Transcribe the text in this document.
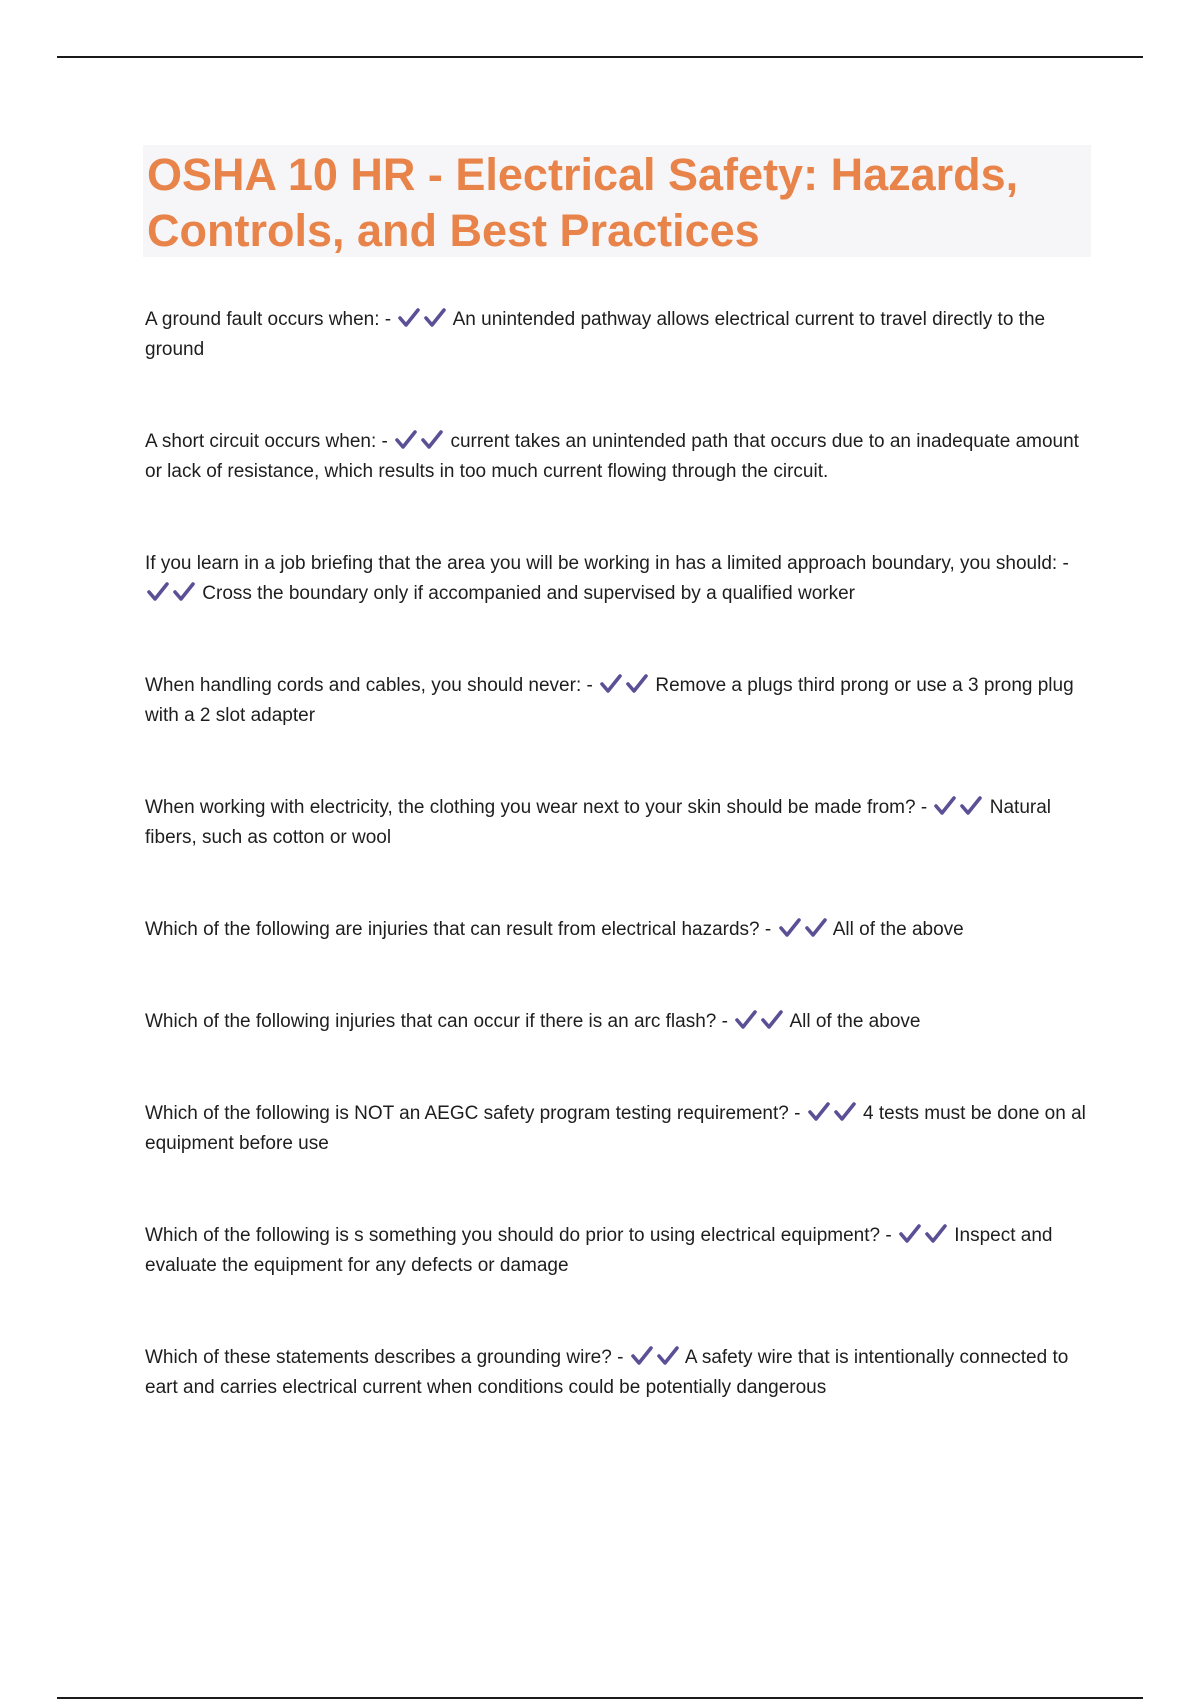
OSHA 10 HR - Electrical Safety: Hazards, Controls, and Best Practices
A ground fault occurs when: -	An unintended pathway allows electrical current to travel directly to the ground
A short circuit occurs when: -	current takes an unintended path that occurs due to an inadequate amount or lack of resistance, which results in too much current flowing through the circuit.
If you learn in a job briefing that the area you will be working in has a limited approach boundary, you should: -
Cross the boundary only if accompanied and supervised by a qualified worker
When handling cords and cables, you should never: -	Remove a plugs third prong or use a 3 prong plug with a 2 slot adapter
When working with electricity, the clothing you wear next to your skin should be made from? -	Natural fibers, such as cotton or wool
Which of the following are injuries that can result from electrical hazards? -	All of the above
Which of the following injuries that can occur if there is an arc flash? -	All of the above
Which of the following is NOT an AEGC safety program testing requirement? -	4 tests must be done on al equipment before use
Which of the following is s something you should do prior to using electrical equipment? -	Inspect and evaluate the equipment for any defects or damage
Which of these statements describes a grounding wire? -	A safety wire that is intentionally connected to eart and carries electrical current when conditions could be potentially dangerous
